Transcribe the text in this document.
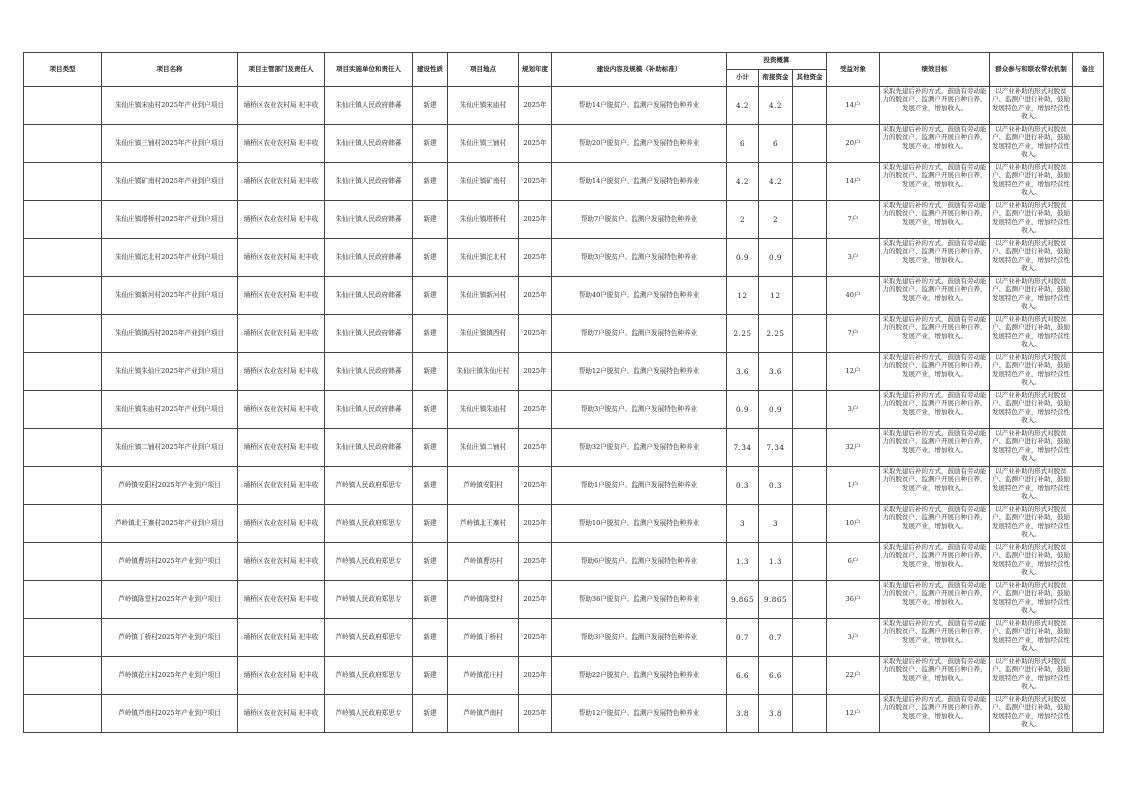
项目类型	项目名称	项目主管部门及责任人	项目实施单位和责任人	建设性质	项目地点	规划年度	建设内容及规模（补助标准）	投资概算			受益对象	绩效目标	群众参与和联农带农机制	备注
								小计	衔接资金	其他资金				
	朱仙庄镇宋庙村2025年产业到户项目	埇桥区农业农村局 祀丰收	朱仙庄镇人民政府韩蕃	新建	朱仙庄镇宋庙村	2025年	帮助14户脱贫户、监测户发展特色种养业	4.2	4.2		14户	采取先建后补的方式，鼓励有劳动能力的脱贫户、监测户开展自种自养，发展产业，增加收入。	以产业补助的形式对脱贫户、监测户进行补助，鼓励发展特色产业，增加经营性收入。	

	朱仙庄镇三铺村2025年产业到户项目	埇桥区农业农村局 祀丰收	朱仙庄镇人民政府韩蕃	新建	朱仙庄镇三铺村	2025年	帮助20户脱贫户、监测户发展特色种养业	6	6		20户	采取先建后补的方式，鼓励有劳动能力的脱贫户、监测户开展自种自养，发展产业，增加收入。	以产业补助的形式对脱贫户、监测户进行补助，鼓励发展特色产业，增加经营性收入。	

	朱仙庄镇矿南村2025年产业到户项目	埇桥区农业农村局 祀丰收	朱仙庄镇人民政府韩蕃	新建	朱仙庄镇矿南村	2025年	帮助14户脱贫户、监测户发展特色种养业	4.2	4.2		14户	采取先建后补的方式，鼓励有劳动能力的脱贫户、监测户开展自种自养，发展产业，增加收入。	以产业补助的形式对脱贫户、监测户进行补助，鼓励发展特色产业，增加经营性收入。	

	朱仙庄镇塔桥村2025年产业到户项目	埇桥区农业农村局 祀丰收	朱仙庄镇人民政府韩蕃	新建	朱仙庄镇塔桥村	2025年	帮助7户脱贫户、监测户发展特色种养业	2	2		7户	采取先建后补的方式，鼓励有劳动能力的脱贫户、监测户开展自种自养，发展产业，增加收入。	以产业补助的形式对脱贫户、监测户进行补助，鼓励发展特色产业，增加经营性收入。	

	朱仙庄镇沱北村2025年产业到户项目	埇桥区农业农村局 祀丰收	朱仙庄镇人民政府韩蕃	新建	朱仙庄镇沱北村	2025年	帮助3户脱贫户、监测户发展特色种养业	0.9	0.9		3户	采取先建后补的方式，鼓励有劳动能力的脱贫户、监测户开展自种自养，发展产业，增加收入。	以产业补助的形式对脱贫户、监测户进行补助，鼓励发展特色产业，增加经营性收入。	

	朱仙庄镇新河村2025年产业到户项目	埇桥区农业农村局 祀丰收	朱仙庄镇人民政府韩蕃	新建	朱仙庄镇新河村	2025年	帮助40户脱贫户、监测户发展特色种养业	12	12		40户	采取先建后补的方式，鼓励有劳动能力的脱贫户、监测户开展自种自养，发展产业，增加收入。	以产业补助的形式对脱贫户、监测户进行补助，鼓励发展特色产业，增加经营性收入。	

	朱仙庄镇镇西村2025年产业到户项目	埇桥区农业农村局 祀丰收	朱仙庄镇人民政府韩蕃	新建	朱仙庄镇镇西村	2025年	帮助7户脱贫户、监测户发展特色种养业	2.25	2.25		7户	采取先建后补的方式，鼓励有劳动能力的脱贫户、监测户开展自种自养，发展产业，增加收入。	以产业补助的形式对脱贫户、监测户进行补助，鼓励发展特色产业，增加经营性收入。	

	朱仙庄镇朱仙庄2025年产业到户项目	埇桥区农业农村局 祀丰收	朱仙庄镇人民政府韩蕃	新建	朱仙庄镇朱仙庄村	2025年	帮助12户脱贫户、监测户发展特色种养业	3.6	3.6		12户	采取先建后补的方式，鼓励有劳动能力的脱贫户、监测户开展自种自养，发展产业，增加收入。	以产业补助的形式对脱贫户、监测户进行补助，鼓励发展特色产业，增加经营性收入。	

	朱仙庄镇朱庙村2025年产业到户项目	埇桥区农业农村局 祀丰收	朱仙庄镇人民政府韩蕃	新建	朱仙庄镇朱庙村	2025年	帮助3户脱贫户、监测户发展特色种养业	0.9	0.9		3户	采取先建后补的方式，鼓励有劳动能力的脱贫户、监测户开展自种自养，发展产业，增加收入。	以产业补助的形式对脱贫户、监测户进行补助，鼓励发展特色产业，增加经营性收入。	

	朱仙庄镇二铺村2025年产业到户项目	埇桥区农业农村局 祀丰收	朱仙庄镇人民政府韩蕃	新建	朱仙庄镇二铺村	2025年	帮助32户脱贫户、监测户发展特色种养业	7.34	7.34		32户	采取先建后补的方式，鼓励有劳动能力的脱贫户、监测户开展自种自养，发展产业，增加收入。	以产业补助的形式对脱贫户、监测户进行补助，鼓励发展特色产业，增加经营性收入。	

	芦岭镇安阳村2025年产业到户项目	埇桥区农业农村局 祀丰收	芦岭镇人民政府郑思专	新建	芦岭镇安阳村	2025年	帮助1户脱贫户、监测户发展特色种养业	0.3	0.3		1户	采取先建后补的方式，鼓励有劳动能力的脱贫户、监测户开展自种自养，发展产业，增加收入。	以产业补助的形式对脱贫户、监测户进行补助，鼓励发展特色产业，增加经营性收入。	

	芦岭镇北王寨村2025年产业到户项目	埇桥区农业农村局 祀丰收	芦岭镇人民政府郑思专	新建	芦岭镇北王寨村	2025年	帮助10户脱贫户、监测户发展特色种养业	3	3		10户	采取先建后补的方式，鼓励有劳动能力的脱贫户、监测户开展自种自养，发展产业，增加收入。	以产业补助的形式对脱贫户、监测户进行补助，鼓励发展特色产业，增加经营性收入。	

	芦岭镇曹坊村2025年产业到户项目	埇桥区农业农村局 祀丰收	芦岭镇人民政府郑思专	新建	芦岭镇曹坊村	2025年	帮助6户脱贫户、监测户发展特色种养业	1.3	1.3		6户	采取先建后补的方式，鼓励有劳动能力的脱贫户、监测户开展自种自养，发展产业，增加收入。	以产业补助的形式对脱贫户、监测户进行补助，鼓励发展特色产业，增加经营性收入。	

	芦岭镇陈堂村2025年产业到户项目	埇桥区农业农村局 祀丰收	芦岭镇人民政府郑思专	新建	芦岭镇陈堂村	2025年	帮助36户脱贫户、监测户发展特色种养业	9.865	9.865		36户	采取先建后补的方式，鼓励有劳动能力的脱贫户、监测户开展自种自养，发展产业，增加收入。	以产业补助的形式对脱贫户、监测户进行补助，鼓励发展特色产业，增加经营性收入。	

	芦岭镇丁桥村2025年产业到户项目	埇桥区农业农村局 祀丰收	芦岭镇人民政府郑思专	新建	芦岭镇丁桥村	2025年	帮助3户脱贫户、监测户发展特色种养业	0.7	0.7		3户	采取先建后补的方式，鼓励有劳动能力的脱贫户、监测户开展自种自养，发展产业，增加收入。	以产业补助的形式对脱贫户、监测户进行补助，鼓励发展特色产业，增加经营性收入。	

	芦岭镇花庄村2025年产业到户项目	埇桥区农业农村局 祀丰收	芦岭镇人民政府郑思专	新建	芦岭镇花庄村	2025年	帮助22户脱贫户、监测户发展特色种养业	6.6	6.6		22户	采取先建后补的方式，鼓励有劳动能力的脱贫户、监测户开展自种自养，发展产业，增加收入。	以产业补助的形式对脱贫户、监测户进行补助，鼓励发展特色产业，增加经营性收入。	

	芦岭镇芦南村2025年产业到户项目	埇桥区农业农村局 祀丰收	芦岭镇人民政府郑思专	新建	芦岭镇芦南村	2025年	帮助12户脱贫户、监测户发展特色种养业	3.8	3.8		12户	采取先建后补的方式，鼓励有劳动能力的脱贫户、监测户开展自种自养，发展产业，增加收入。	以产业补助的形式对脱贫户、监测户进行补助，鼓励发展特色产业，增加经营性收入。	
